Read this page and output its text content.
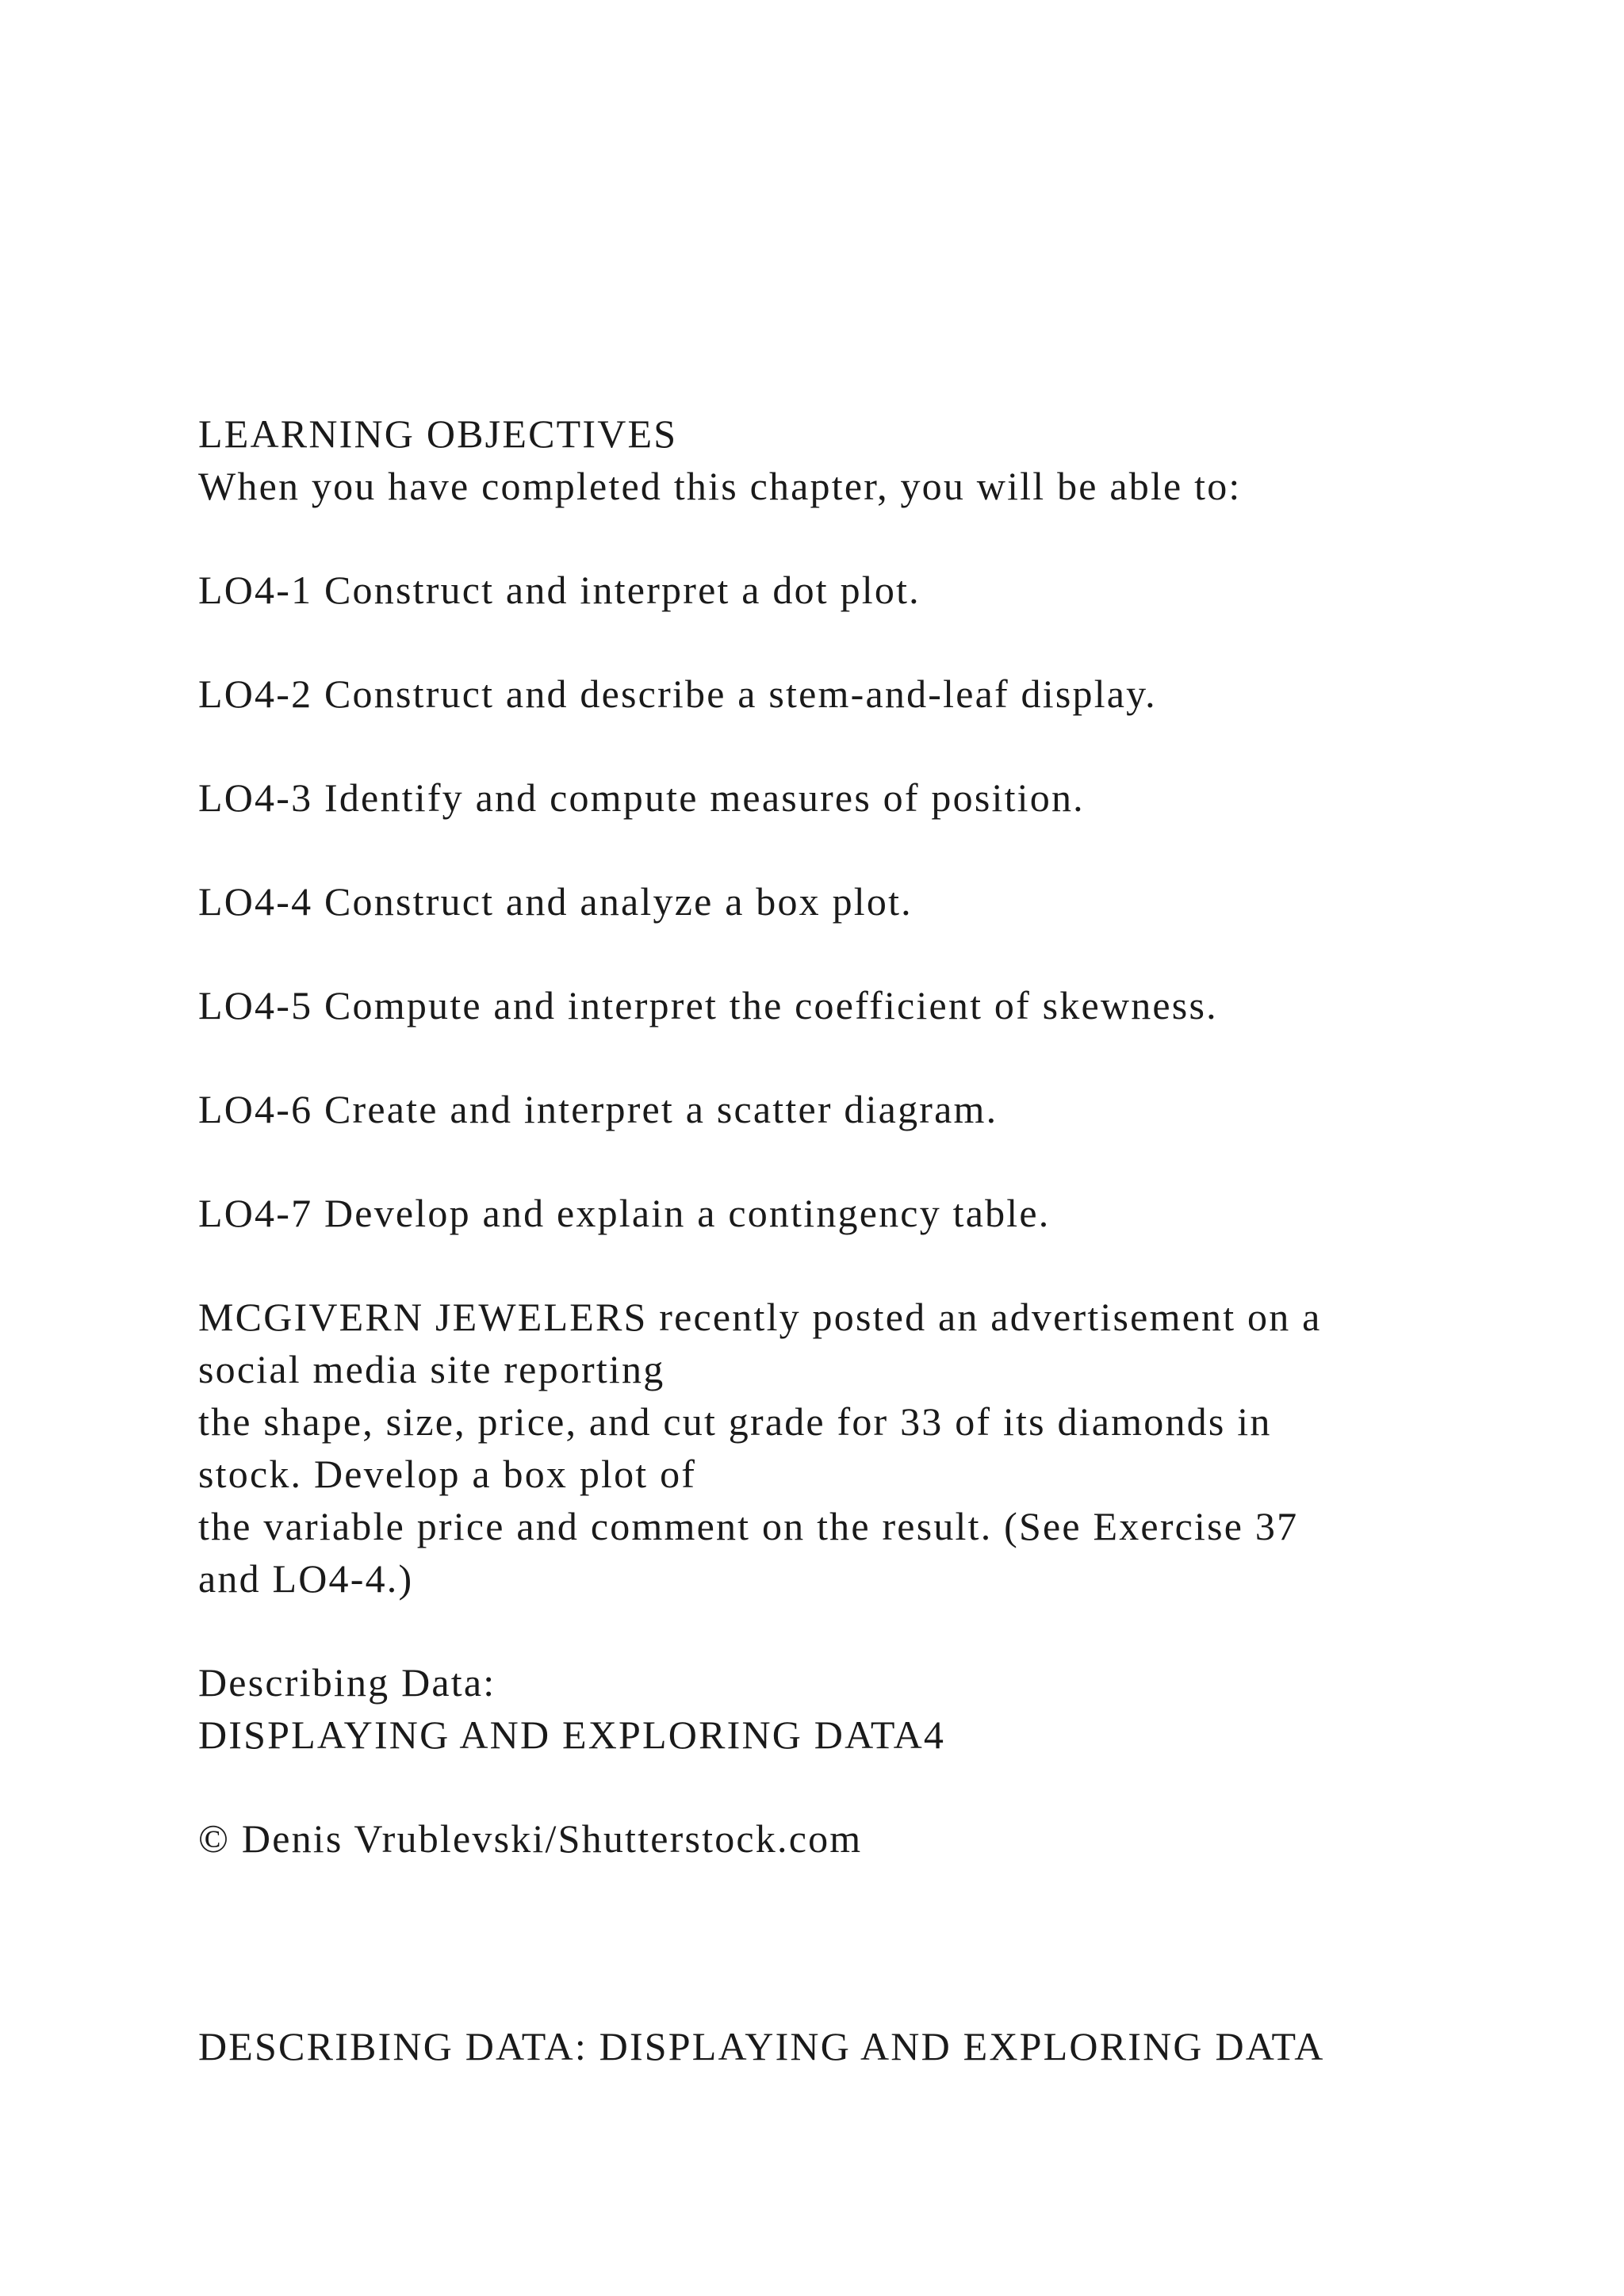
LEARNING OBJECTIVES

When you have completed this chapter, you will be able to:

LO4-1 Construct and interpret a dot plot.

LO4-2 Construct and describe a stem-and-leaf display.

LO4-3 Identify and compute measures of position.

LO4-4 Construct and analyze a box plot.

LO4-5 Compute and interpret the coefficient of skewness.

LO4-6 Create and interpret a scatter diagram.

LO4-7 Develop and explain a contingency table.

MCGIVERN JEWELERS recently posted an advertisement on a

social media site reporting

the shape, size, price, and cut grade for 33 of its diamonds in

stock. Develop a box plot of

the variable price and comment on the result. (See Exercise 37

and LO4-4.)

Describing Data:

DISPLAYING AND EXPLORING DATA4

© Denis Vrublevski/Shutterstock.com

DESCRIBING DATA: DISPLAYING AND EXPLORING DATA
